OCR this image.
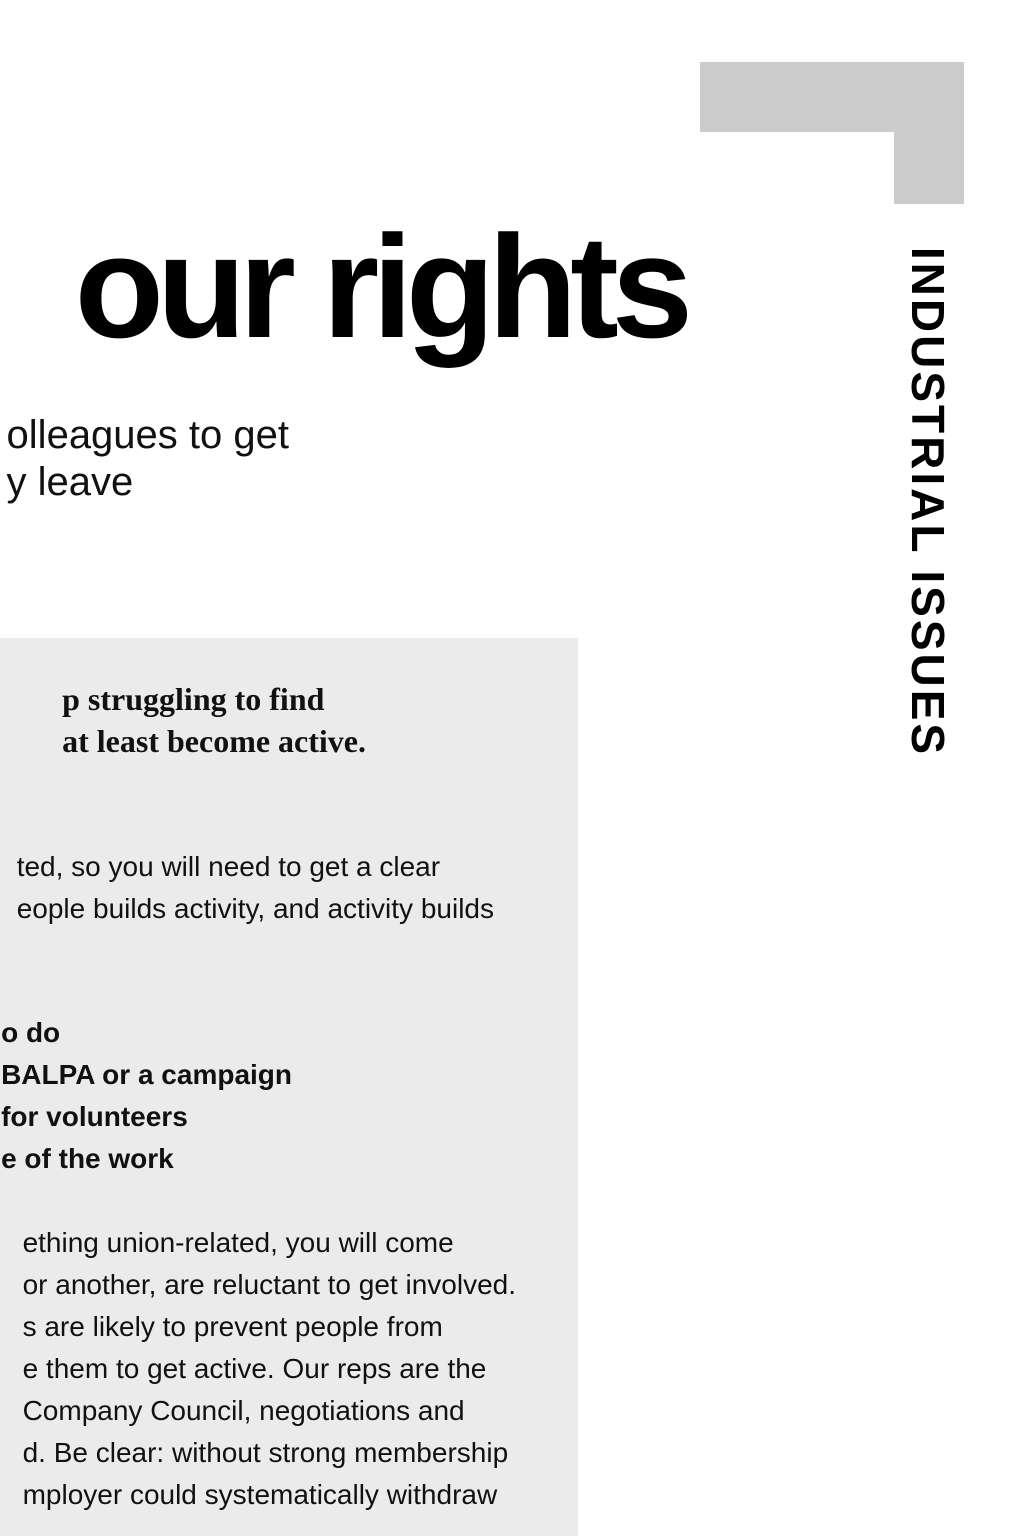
INDUSTRIAL ISSUES
our rights
olleagues to get
y leave
p struggling to find
at least become active.
ted, so you will need to get a clear
eople builds activity, and activity builds
o do
BALPA or a campaign
for volunteers
e of the work
ething union-related, you will come
or another, are reluctant to get involved.
s are likely to prevent people from
e them to get active. Our reps are the
Company Council, negotiations and
d. Be clear: without strong membership
mployer could systematically withdraw
